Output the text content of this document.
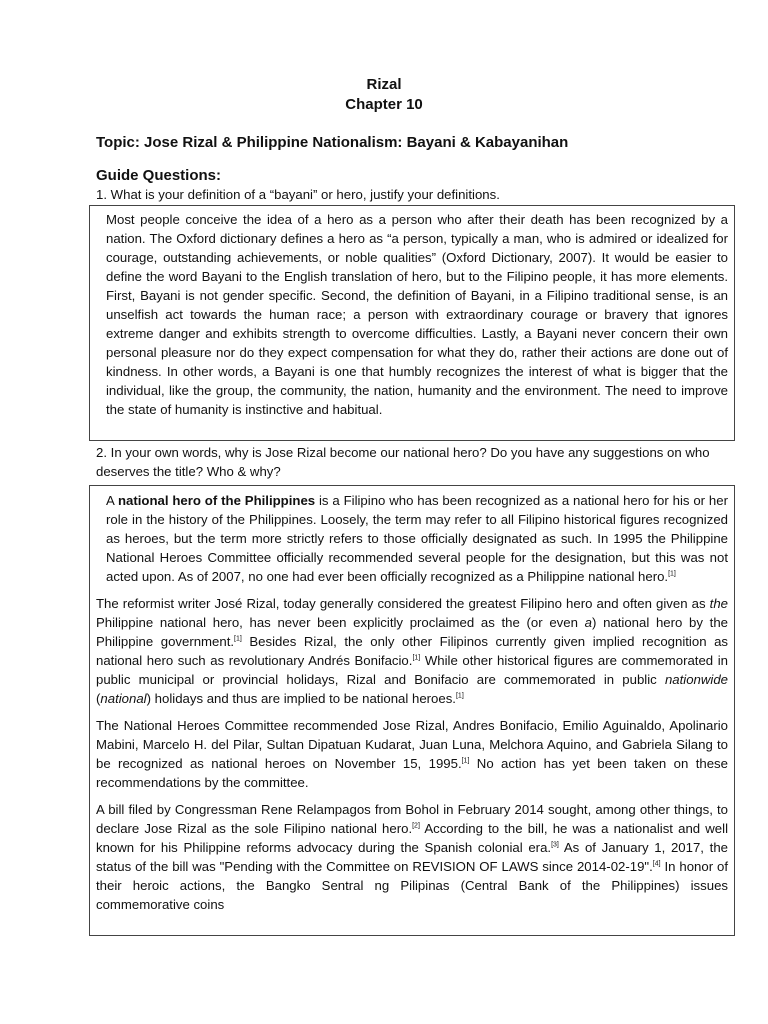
Rizal
Chapter 10
Topic: Jose Rizal & Philippine Nationalism: Bayani & Kabayanihan
Guide Questions:
1. What is your definition of a “bayani” or hero, justify your definitions.

Most people conceive the idea of a hero as a person who after their death has been recognized by a nation. The Oxford dictionary defines a hero as “a person, typically a man, who is admired or idealized for courage, outstanding achievements, or noble qualities” (Oxford Dictionary, 2007). It would be easier to define the word Bayani to the English translation of hero, but to the Filipino people, it has more elements. First, Bayani is not gender specific. Second, the definition of Bayani, in a Filipino traditional sense, is an unselfish act towards the human race; a person with extraordinary courage or bravery that ignores extreme danger and exhibits strength to overcome difficulties. Lastly, a Bayani never concern their own personal pleasure nor do they expect compensation for what they do, rather their actions are done out of kindness. In other words, a Bayani is one that humbly recognizes the interest of what is bigger that the individual, like the group, the community, the nation, humanity and the environment. The need to improve the state of humanity is instinctive and habitual.

2. In your own words, why is Jose Rizal become our national hero? Do you have any suggestions on who deserves the title? Who & why?

A national hero of the Philippines is a Filipino who has been recognized as a national hero for his or her role in the history of the Philippines. Loosely, the term may refer to all Filipino historical figures recognized as heroes, but the term more strictly refers to those officially designated as such. In 1995 the Philippine National Heroes Committee officially recommended several people for the designation, but this was not acted upon. As of 2007, no one had ever been officially recognized as a Philippine national hero.[1]

The reformist writer José Rizal, today generally considered the greatest Filipino hero and often given as the Philippine national hero, has never been explicitly proclaimed as the (or even a) national hero by the Philippine government.[1] Besides Rizal, the only other Filipinos currently given implied recognition as national hero such as revolutionary Andrés Bonifacio.[1] While other historical figures are commemorated in public municipal or provincial holidays, Rizal and Bonifacio are commemorated in public nationwide (national) holidays and thus are implied to be national heroes.[1]

The National Heroes Committee recommended Jose Rizal, Andres Bonifacio, Emilio Aguinaldo, Apolinario Mabini, Marcelo H. del Pilar, Sultan Dipatuan Kudarat, Juan Luna, Melchora Aquino, and Gabriela Silang to be recognized as national heroes on November 15, 1995.[1] No action has yet been taken on these recommendations by the committee.

A bill filed by Congressman Rene Relampagos from Bohol in February 2014 sought, among other things, to declare Jose Rizal as the sole Filipino national hero.[2] According to the bill, he was a nationalist and well known for his Philippine reforms advocacy during the Spanish colonial era.[3] As of January 1, 2017, the status of the bill was "Pending with the Committee on REVISION OF LAWS since 2014-02-19".[4] In honor of their heroic actions, the Bangko Sentral ng Pilipinas (Central Bank of the Philippines) issues commemorative coins
